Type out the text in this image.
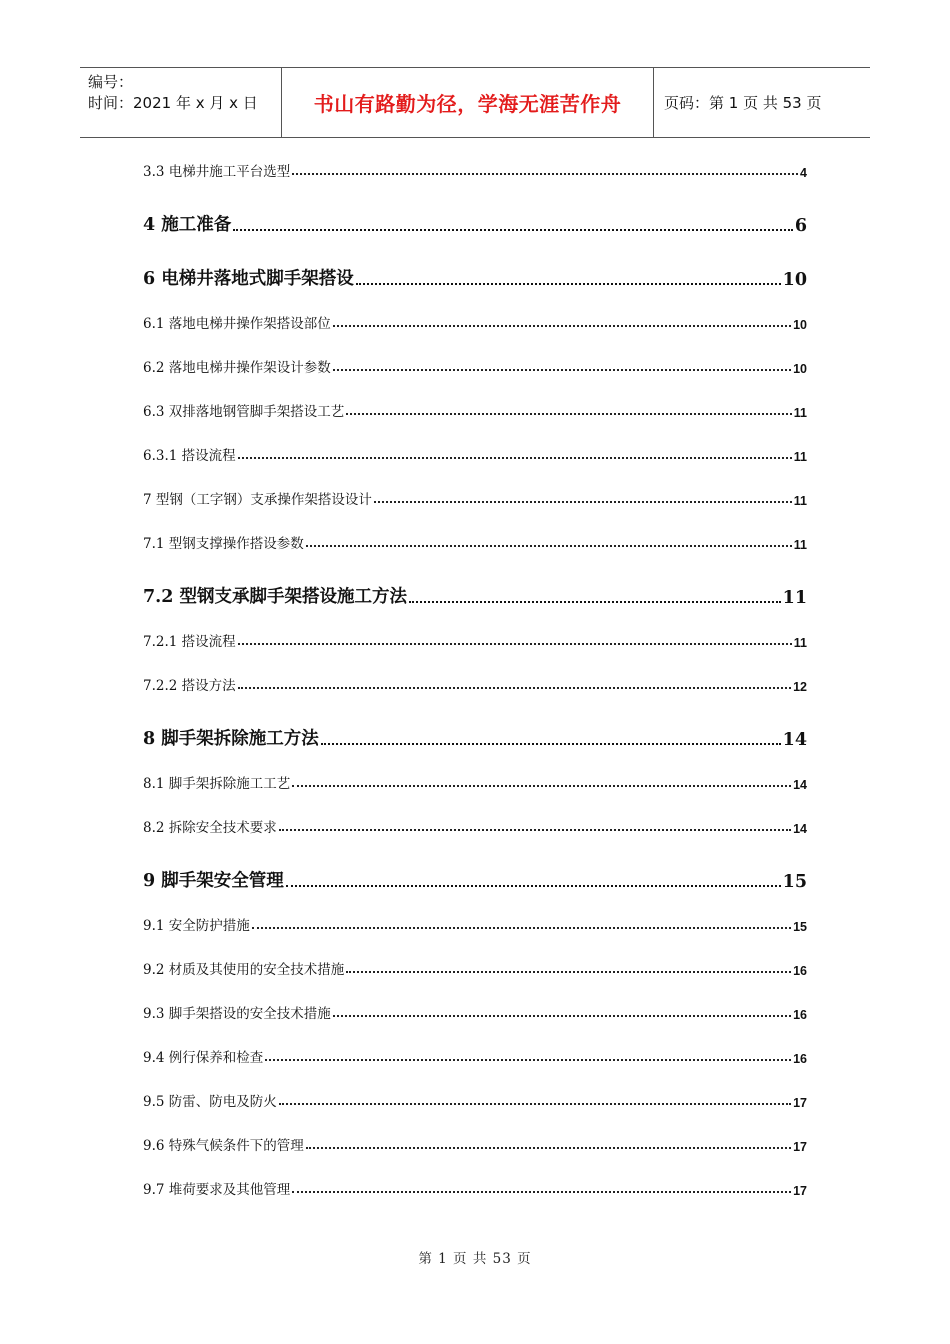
编号：
时间：2021 年 x 月 x 日	书山有路勤为径，学海无涯苦作舟	页码：第 1 页 共 53 页
3.3 电梯井施工平台选型	4
4 施工准备	6
6 电梯井落地式脚手架搭设	10
6.1 落地电梯井操作架搭设部位	10
6.2 落地电梯井操作架设计参数	10
6.3 双排落地钢管脚手架搭设工艺	11
6.3.1 搭设流程	11
7 型钢（工字钢）支承操作架搭设设计	11
7.1 型钢支撑操作搭设参数	11
7.2 型钢支承脚手架搭设施工方法	11
7.2.1 搭设流程	11
7.2.2 搭设方法	12
8 脚手架拆除施工方法	14
8.1 脚手架拆除施工工艺	14
8.2 拆除安全技术要求	14
9 脚手架安全管理	15
9.1 安全防护措施	15
9.2 材质及其使用的安全技术措施	16
9.3 脚手架搭设的安全技术措施	16
9.4 例行保养和检查	16
9.5 防雷、防电及防火	17
9.6 特殊气候条件下的管理	17
9.7 堆荷要求及其他管理	17
第 1 页 共 53 页
